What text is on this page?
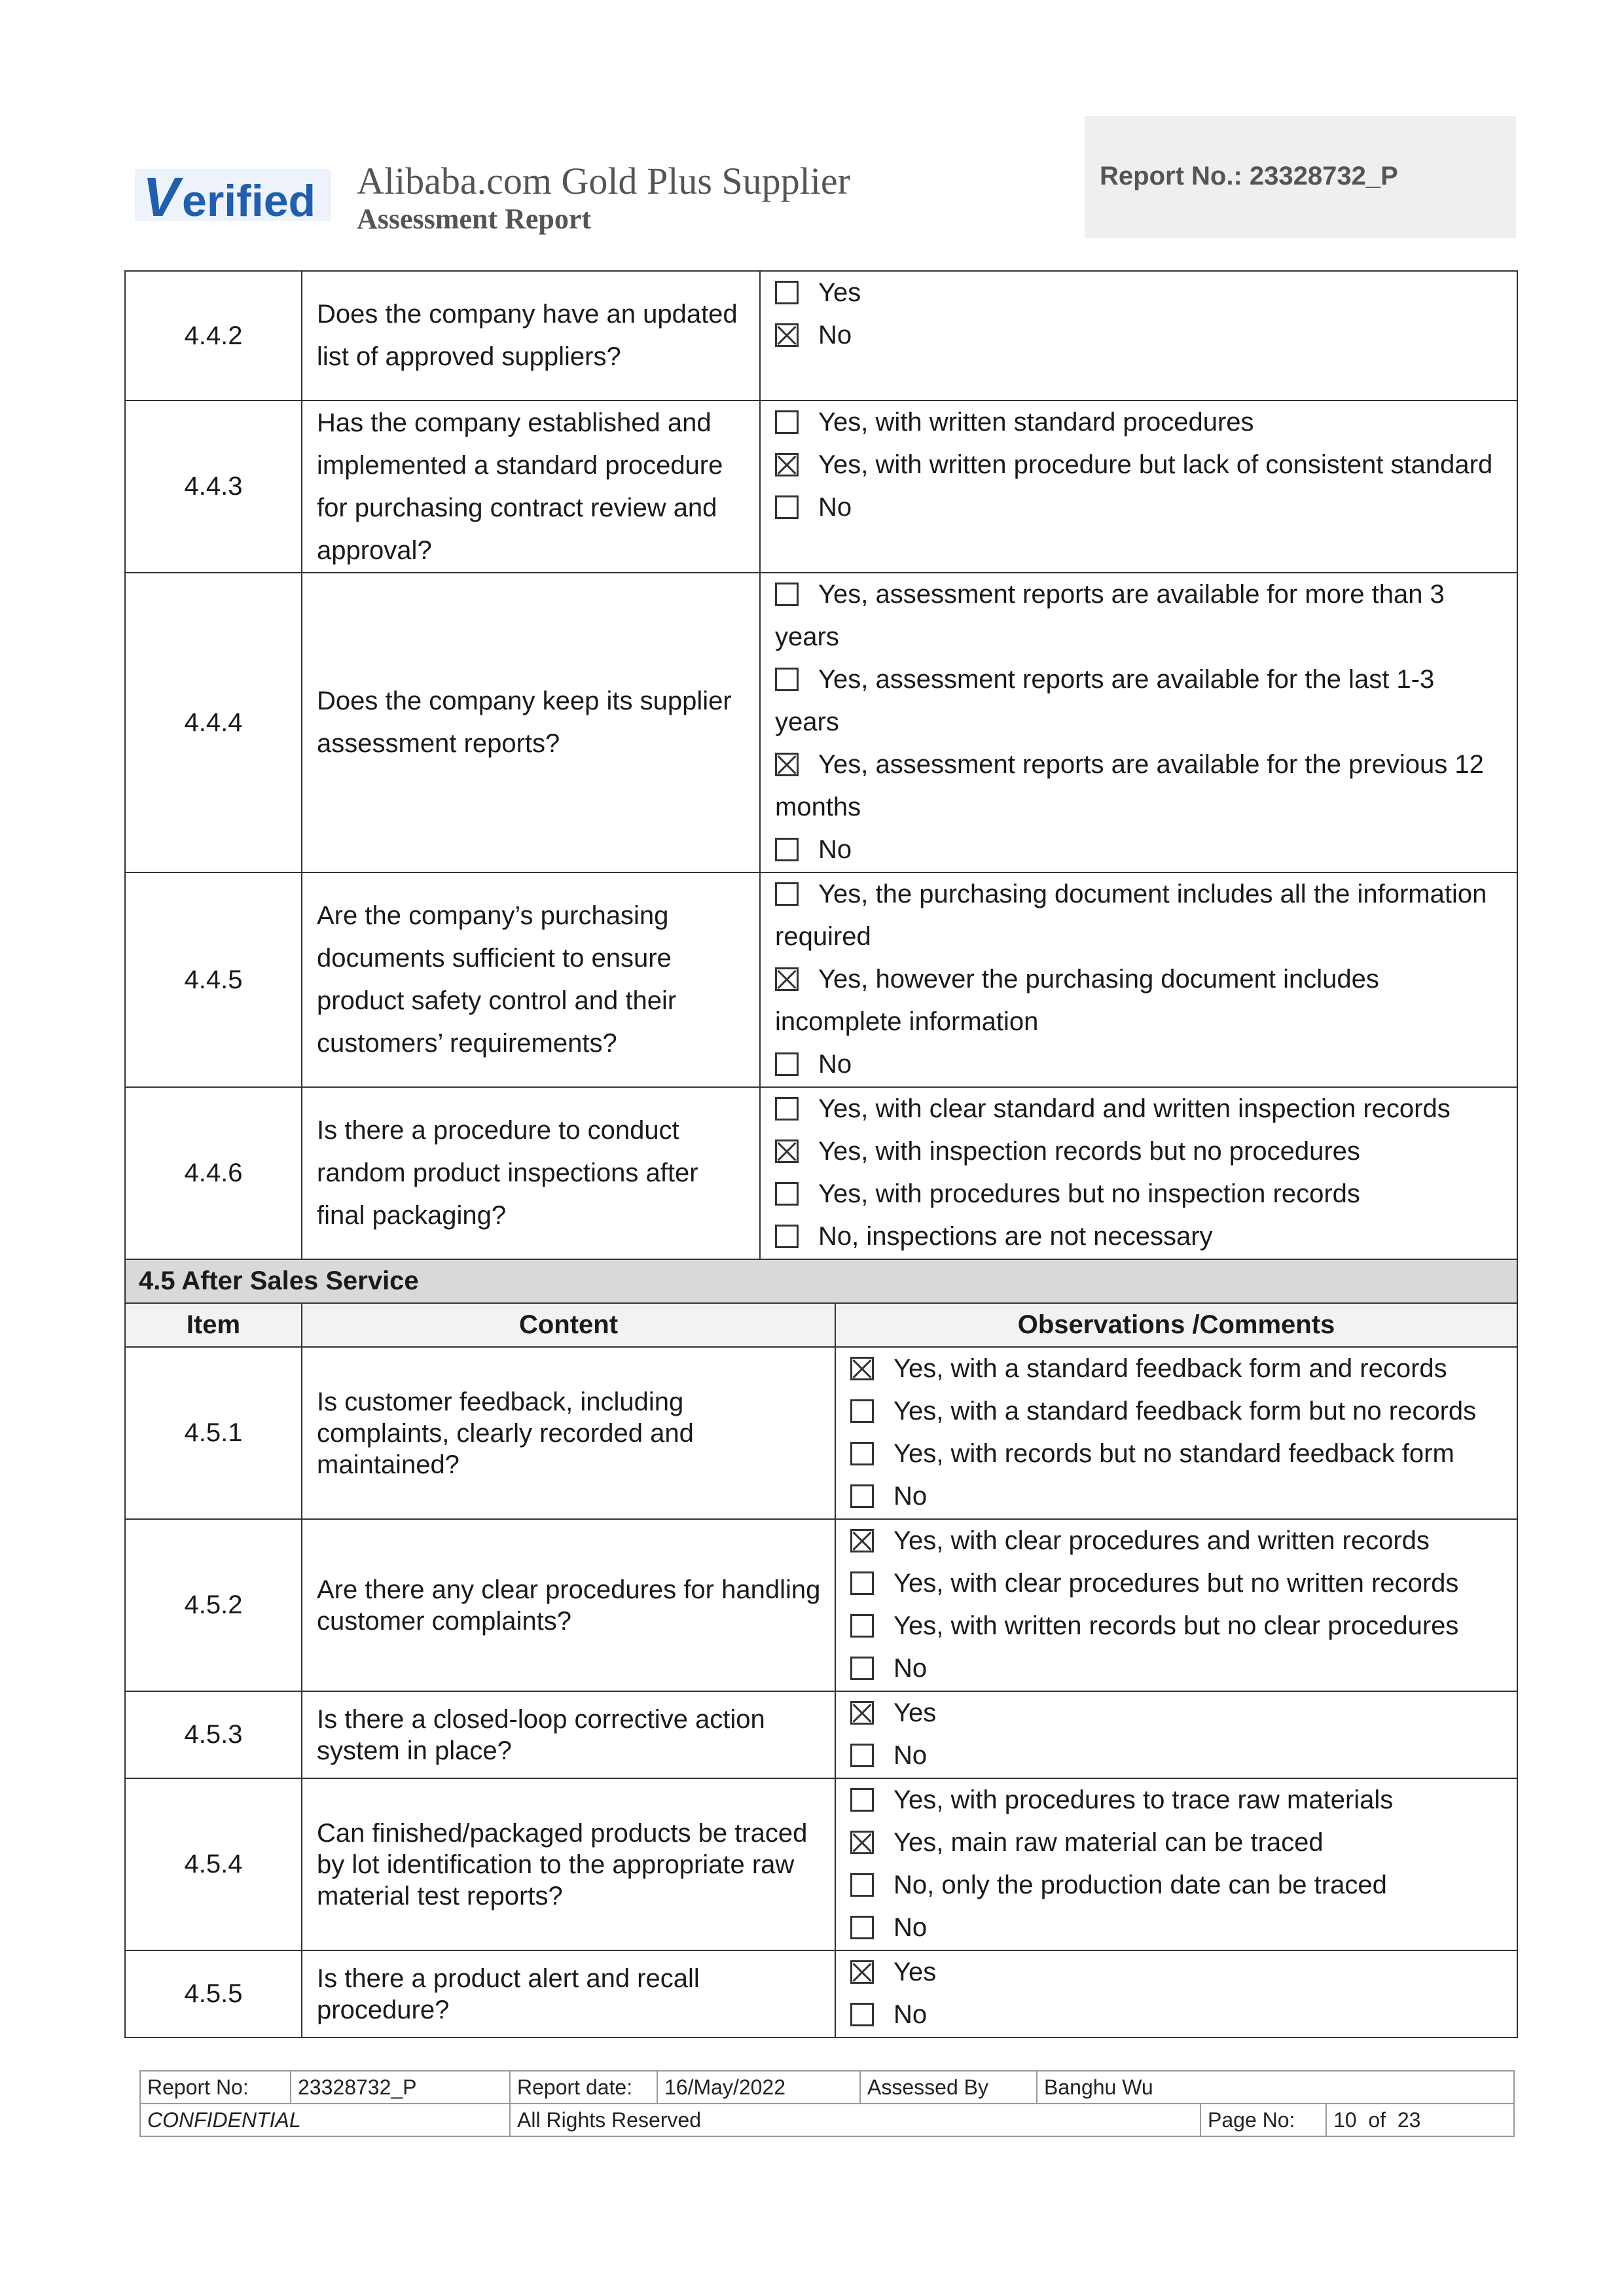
V erified Alibaba.com Gold Plus Supplier
Assessment Report
Report No.: 23328732_P
4.4.2	Does the company have an updated list of approved suppliers?	Yes
No	

4.4.3	Has the company established and implemented a standard procedure for purchasing contract review and approval?	Yes, with written standard procedures
Yes, with written procedure but lack of consistent standard
No	

4.4.4	Does the company keep its supplier assessment reports?	Yes, assessment reports are available for more than 3 years
Yes, assessment reports are available for the last 1-3 years
Yes, assessment reports are available for the previous 12 months
No	

4.4.5	Are the company’s purchasing documents sufficient to ensure product safety control and their customers’ requirements?	Yes, the purchasing document includes all the information required
Yes, however the purchasing document includes incomplete information
No	

4.4.6	Is there a procedure to conduct random product inspections after final packaging?	Yes, with clear standard and written inspection records
Yes, with inspection records but no procedures
Yes, with procedures but no inspection records
No, inspections are not necessary	

4.5 After Sales Service			
Item	Content		Observations /Comments
4.5.1	Is customer feedback, including complaints, clearly recorded and maintained?		Yes, with a standard feedback form and records
Yes, with a standard feedback form but no records
Yes, with records but no standard feedback form
No

4.5.2	Are there any clear procedures for handling customer complaints?		Yes, with clear procedures and written records
Yes, with clear procedures but no written records
Yes, with written records but no clear procedures
No

4.5.3	Is there a closed-loop corrective action system in place?		Yes
No

4.5.4	Can finished/packaged products be traced by lot identification to the appropriate raw material test reports?		Yes, with procedures to trace raw materials
Yes, main raw material can be traced
No, only the production date can be traced
No

4.5.5	Is there a product alert and recall procedure?		Yes
No
Report No:	23328732_P	Report date:	16/May/2022	Assessed By	Banghu Wu		
CONFIDENTIAL		All Rights Reserved				Page No:	10  of  23
